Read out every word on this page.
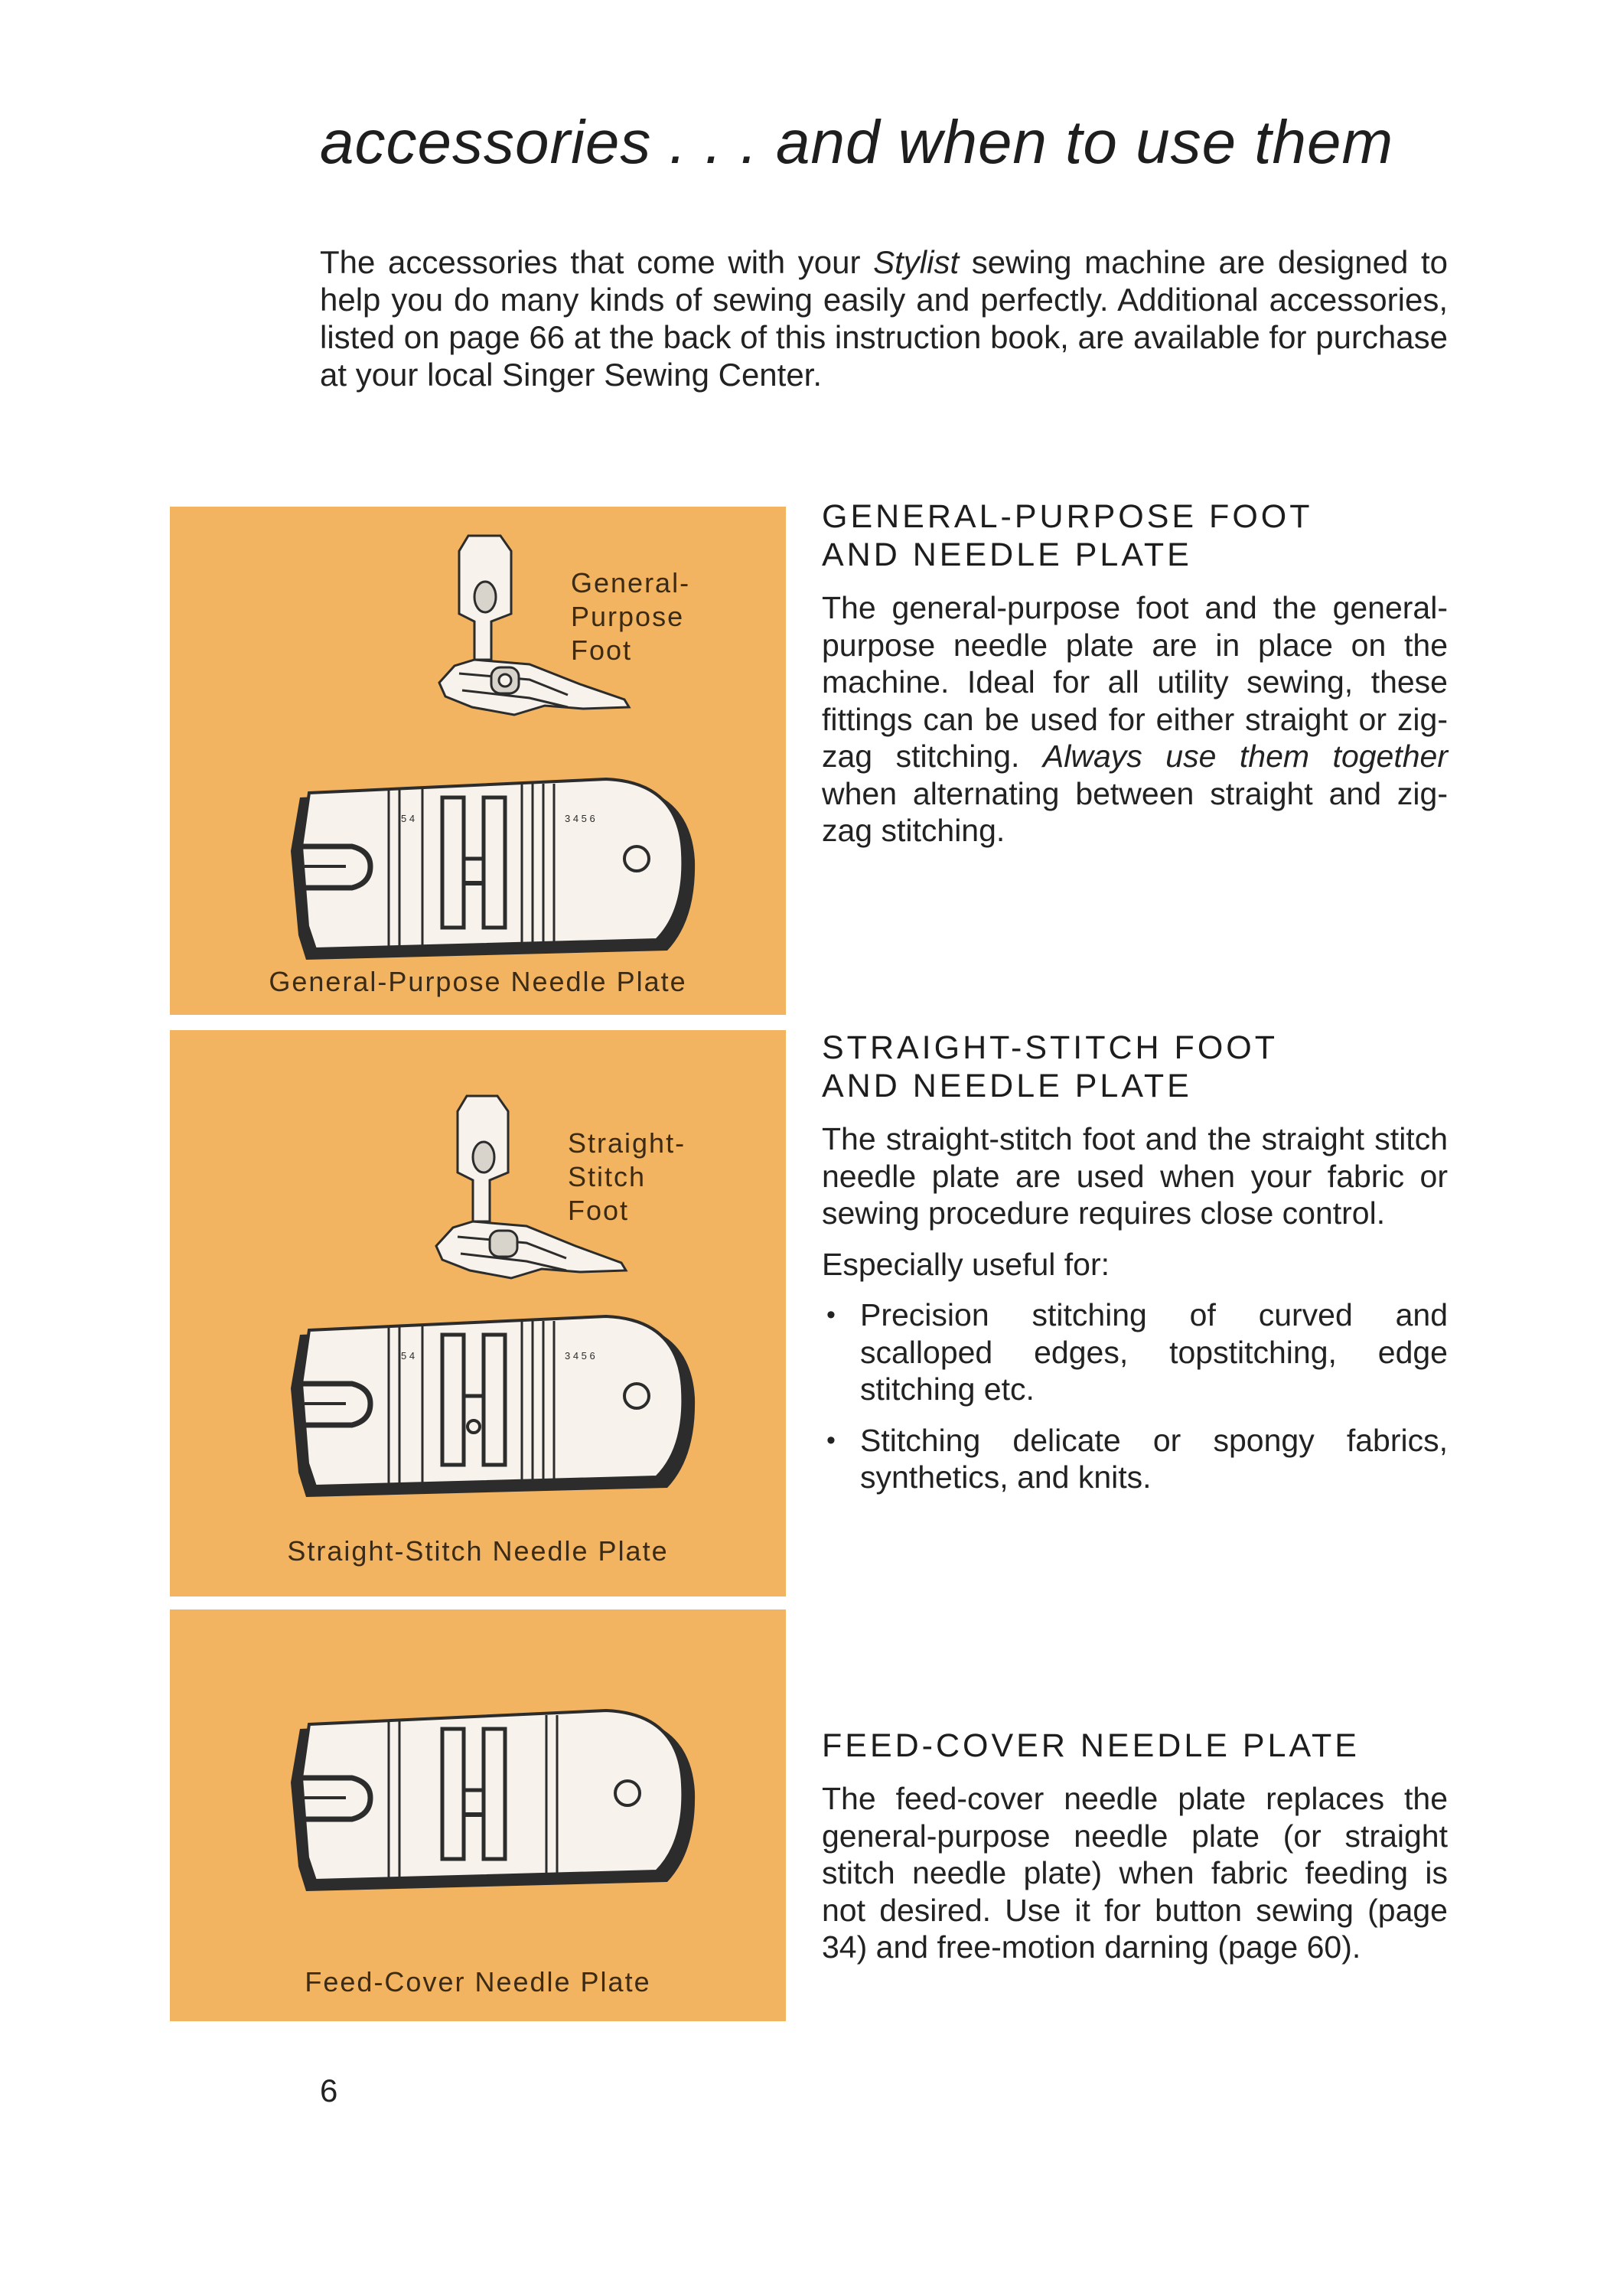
accessories . . . and when to use them

The accessories that come with your Stylist sewing machine are designed to help you do many kinds of sewing easily and perfectly. Additional accessories, listed on page 66 at the back of this instruction book, are available for purchase at your local Singer Sewing Center.

General-
Purpose
Foot
5 4	3 4 5 6
General-Purpose Needle Plate
Straight-
Stitch
Foot
5 4	3 4 5 6
Straight-Stitch Needle Plate
Feed-Cover Needle Plate
GENERAL-PURPOSE FOOT
AND NEEDLE PLATE

The general-purpose foot and the general-purpose needle plate are in place on the machine. Ideal for all utility sewing, these fittings can be used for either straight or zig-zag stitching. Always use them together when alternating between straight and zig-zag stitching.

STRAIGHT-STITCH FOOT
AND NEEDLE PLATE

The straight-stitch foot and the straight stitch needle plate are used when your fabric or sewing procedure requires close control.

Especially useful for:

• Precision stitching of curved and scalloped edges, topstitching, edge stitching etc.
• Stitching delicate or spongy fabrics, synthetics, and knits.
FEED-COVER NEEDLE PLATE

The feed-cover needle plate replaces the general-purpose needle plate (or straight stitch needle plate) when fabric feeding is not desired. Use it for button sewing (page 34) and free-motion darning (page 60).

6
